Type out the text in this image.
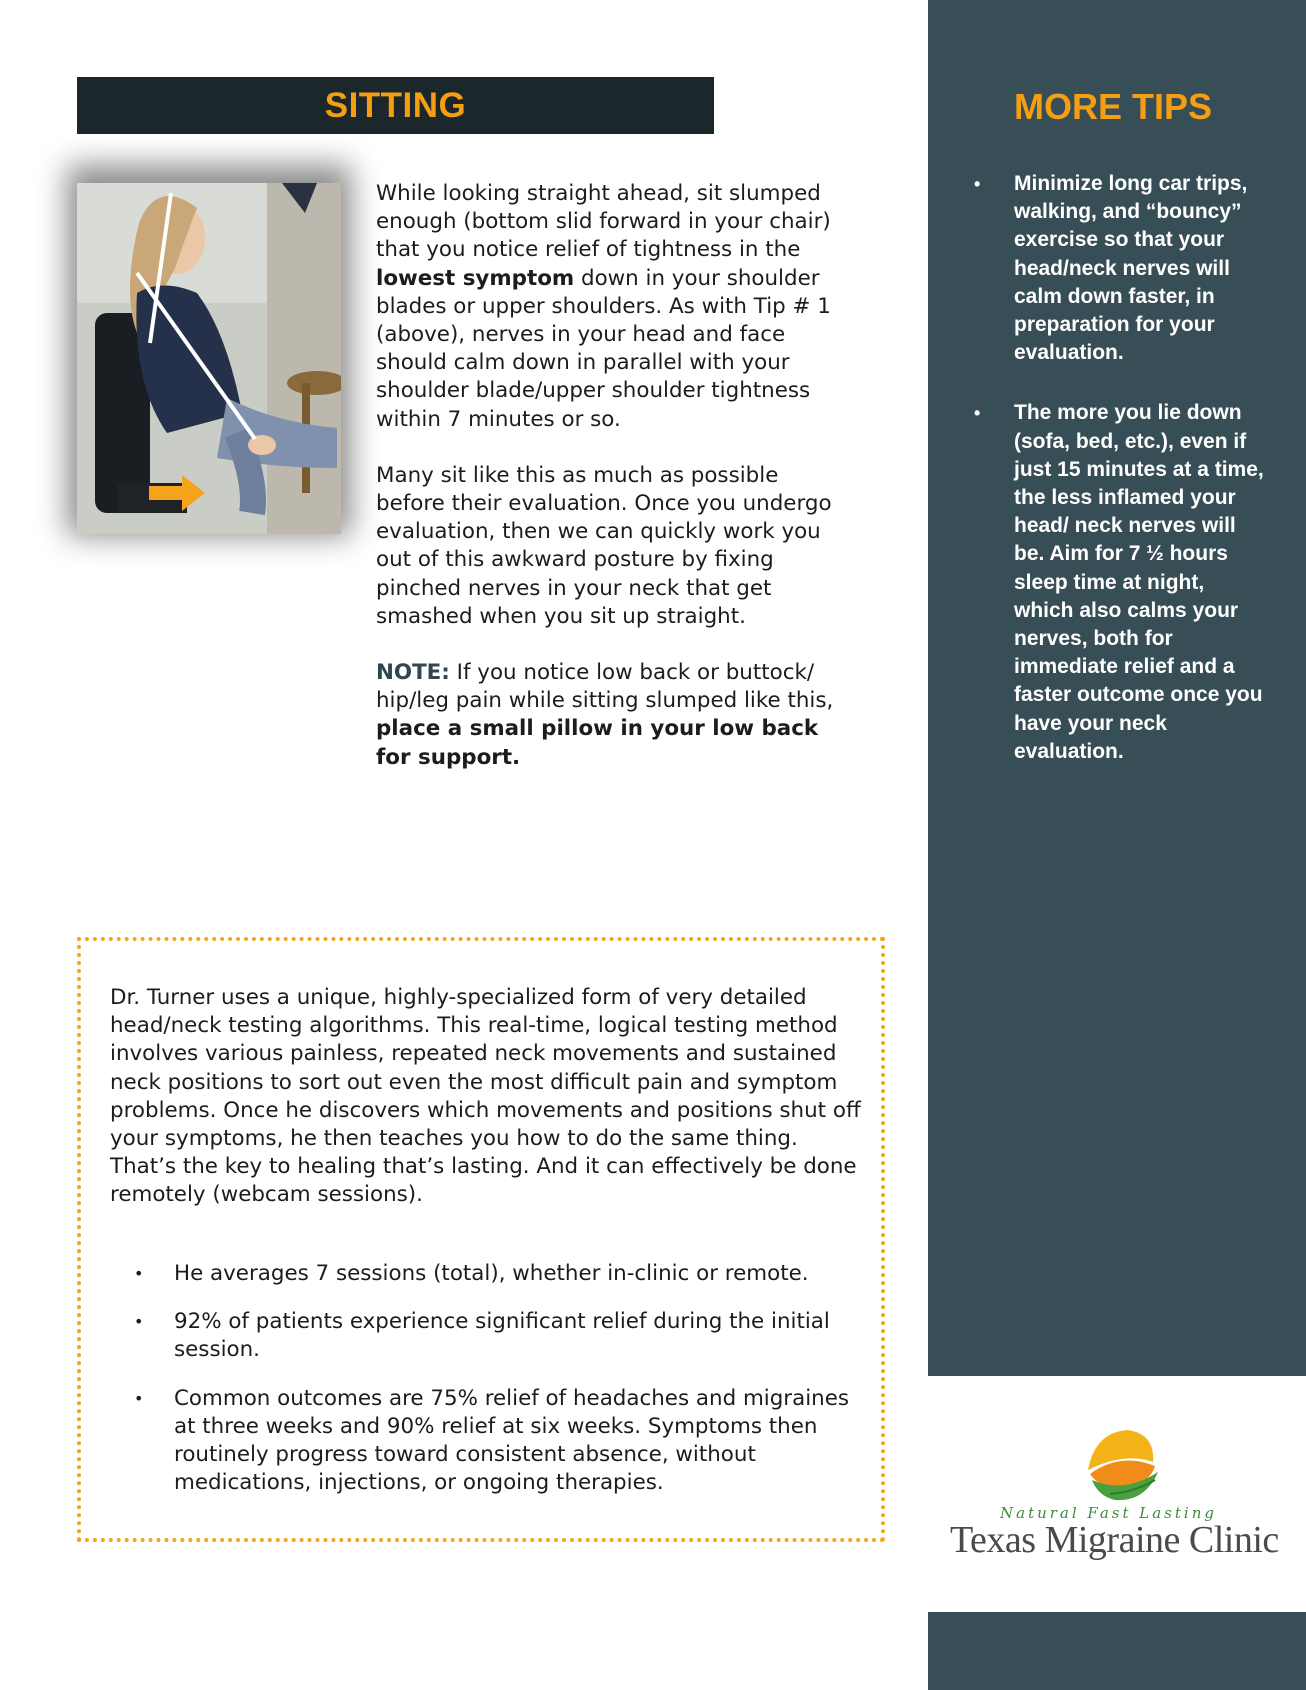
SITTING

While looking straight ahead, sit slumped enough (bottom slid forward in your chair) that you notice relief of tightness in the lowest symptom down in your shoulder blades or upper shoulders. As with Tip # 1 (above), nerves in your head and face should calm down in parallel with your shoulder blade/upper shoulder tightness within 7 minutes or so.

Many sit like this as much as possible before their evaluation. Once you undergo evaluation, then we can quickly work you out of this awkward posture by fixing pinched nerves in your neck that get smashed when you sit up straight.

NOTE: If you notice low back or buttock/ hip/leg pain while sitting slumped like this, place a small pillow in your low back for support.

MORE TIPS
• Minimize long car trips, walking, and “bouncy” exercise so that your head/neck nerves will calm down faster, in preparation for your evaluation.
• The more you lie down (sofa, bed, etc.), even if just 15 minutes at a time, the less inflamed your head/ neck nerves will be. Aim for 7 ½ hours sleep time at night, which also calms your nerves, both for immediate relief and a faster outcome once you have your neck evaluation.

Dr. Turner uses a unique, highly-specialized form of very detailed head/neck testing algorithms. This real-time, logical testing method involves various painless, repeated neck movements and sustained neck positions to sort out even the most difficult pain and symptom problems. Once he discovers which movements and positions shut off your symptoms, he then teaches you how to do the same thing. That’s the key to healing that’s lasting. And it can effectively be done remotely (webcam sessions).

• He averages 7 sessions (total), whether in-clinic or remote.
• 92% of patients experience significant relief during the initial session.
• Common outcomes are 75% relief of headaches and migraines at three weeks and 90% relief at six weeks. Symptoms then routinely progress toward consistent absence, without medications, injections, or ongoing therapies.
Natural Fast Lasting
Texas Migraine Clinic
